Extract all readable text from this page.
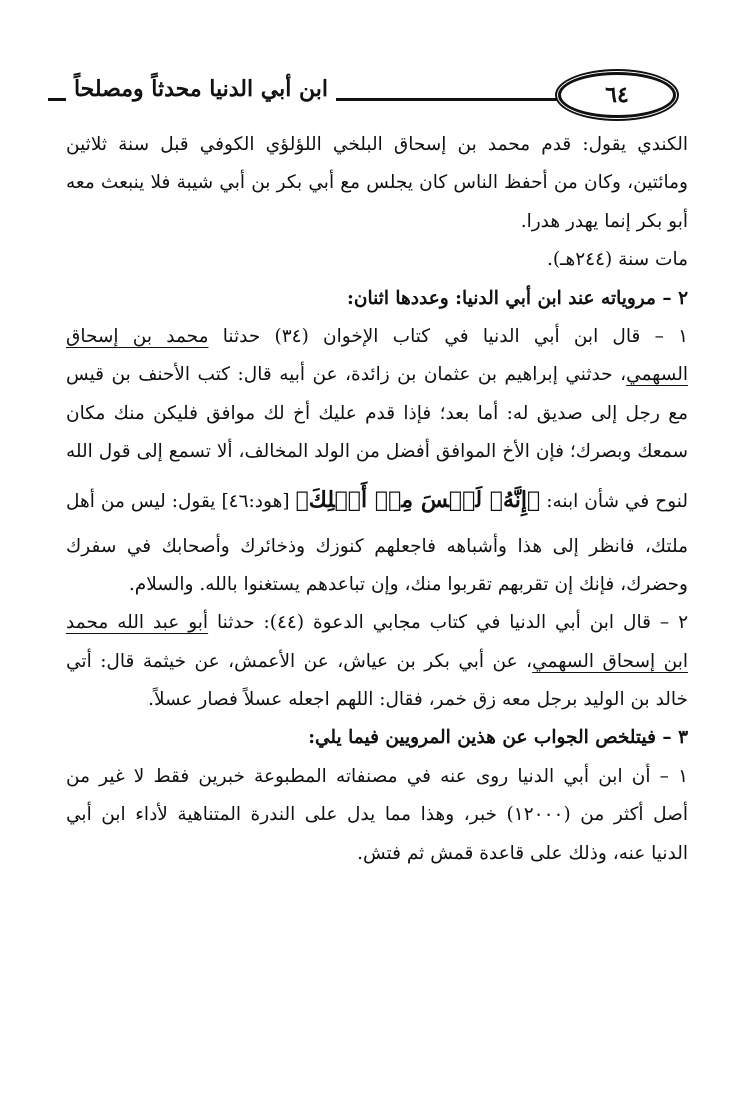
ابن أبي الدنيا محدثاً ومصلحاً	٦٤
الكندي يقول: قدم محمد بن إسحاق البلخي اللؤلؤي الكوفي قبل سنة ثلاثين
ومائتين، وكان من أحفظ الناس كان يجلس مع أبي بكر بن أبي شيبة فلا ينبعث معه
أبو بكر إنما يهدر هدرا.
مات سنة (٢٤٤هـ).
٢ – مروياته عند ابن أبي الدنيا: وعددها اثنان:
١ – قال ابن أبي الدنيا في كتاب الإخوان (٣٤) حدثنا محمد بن إسحاق
السهمي، حدثني إبراهيم بن عثمان بن زائدة، عن أبيه قال: كتب الأحنف بن قيس
مع رجل إلى صديق له: أما بعد؛ فإذا قدم عليك أخ لك موافق فليكن منك مكان
سمعك وبصرك؛ فإن الأخ الموافق أفضل من الولد المخالف، ألا تسمع إلى قول الله
لنوح في شأن ابنه: ﴿إِنَّهُۥ لَيۡسَ مِنۡ أَهۡلِكَ﴾ [هود:٤٦] يقول: ليس من أهل
ملتك، فانظر إلى هذا وأشباهه فاجعلهم كنوزك وذخائرك وأصحابك في سفرك
وحضرك، فإنك إن تقربهم تقربوا منك، وإن تباعدهم يستغنوا بالله. والسلام.
٢ – قال ابن أبي الدنيا في كتاب مجابي الدعوة (٤٤): حدثنا أبو عبد الله محمد
ابن إسحاق السهمي، عن أبي بكر بن عياش، عن الأعمش، عن خيثمة قال: أتي
خالد بن الوليد برجل معه زق خمر، فقال: اللهم اجعله عسلاً فصار عسلاً.
٣ – فيتلخص الجواب عن هذين المرويين فيما يلي:
١ – أن ابن أبي الدنيا روى عنه في مصنفاته المطبوعة خبرين فقط لا غير من
أصل أكثر من (١٢٠٠٠) خبر، وهذا مما يدل على الندرة المتناهية لأداء ابن أبي
الدنيا عنه، وذلك على قاعدة قمش ثم فتش.
